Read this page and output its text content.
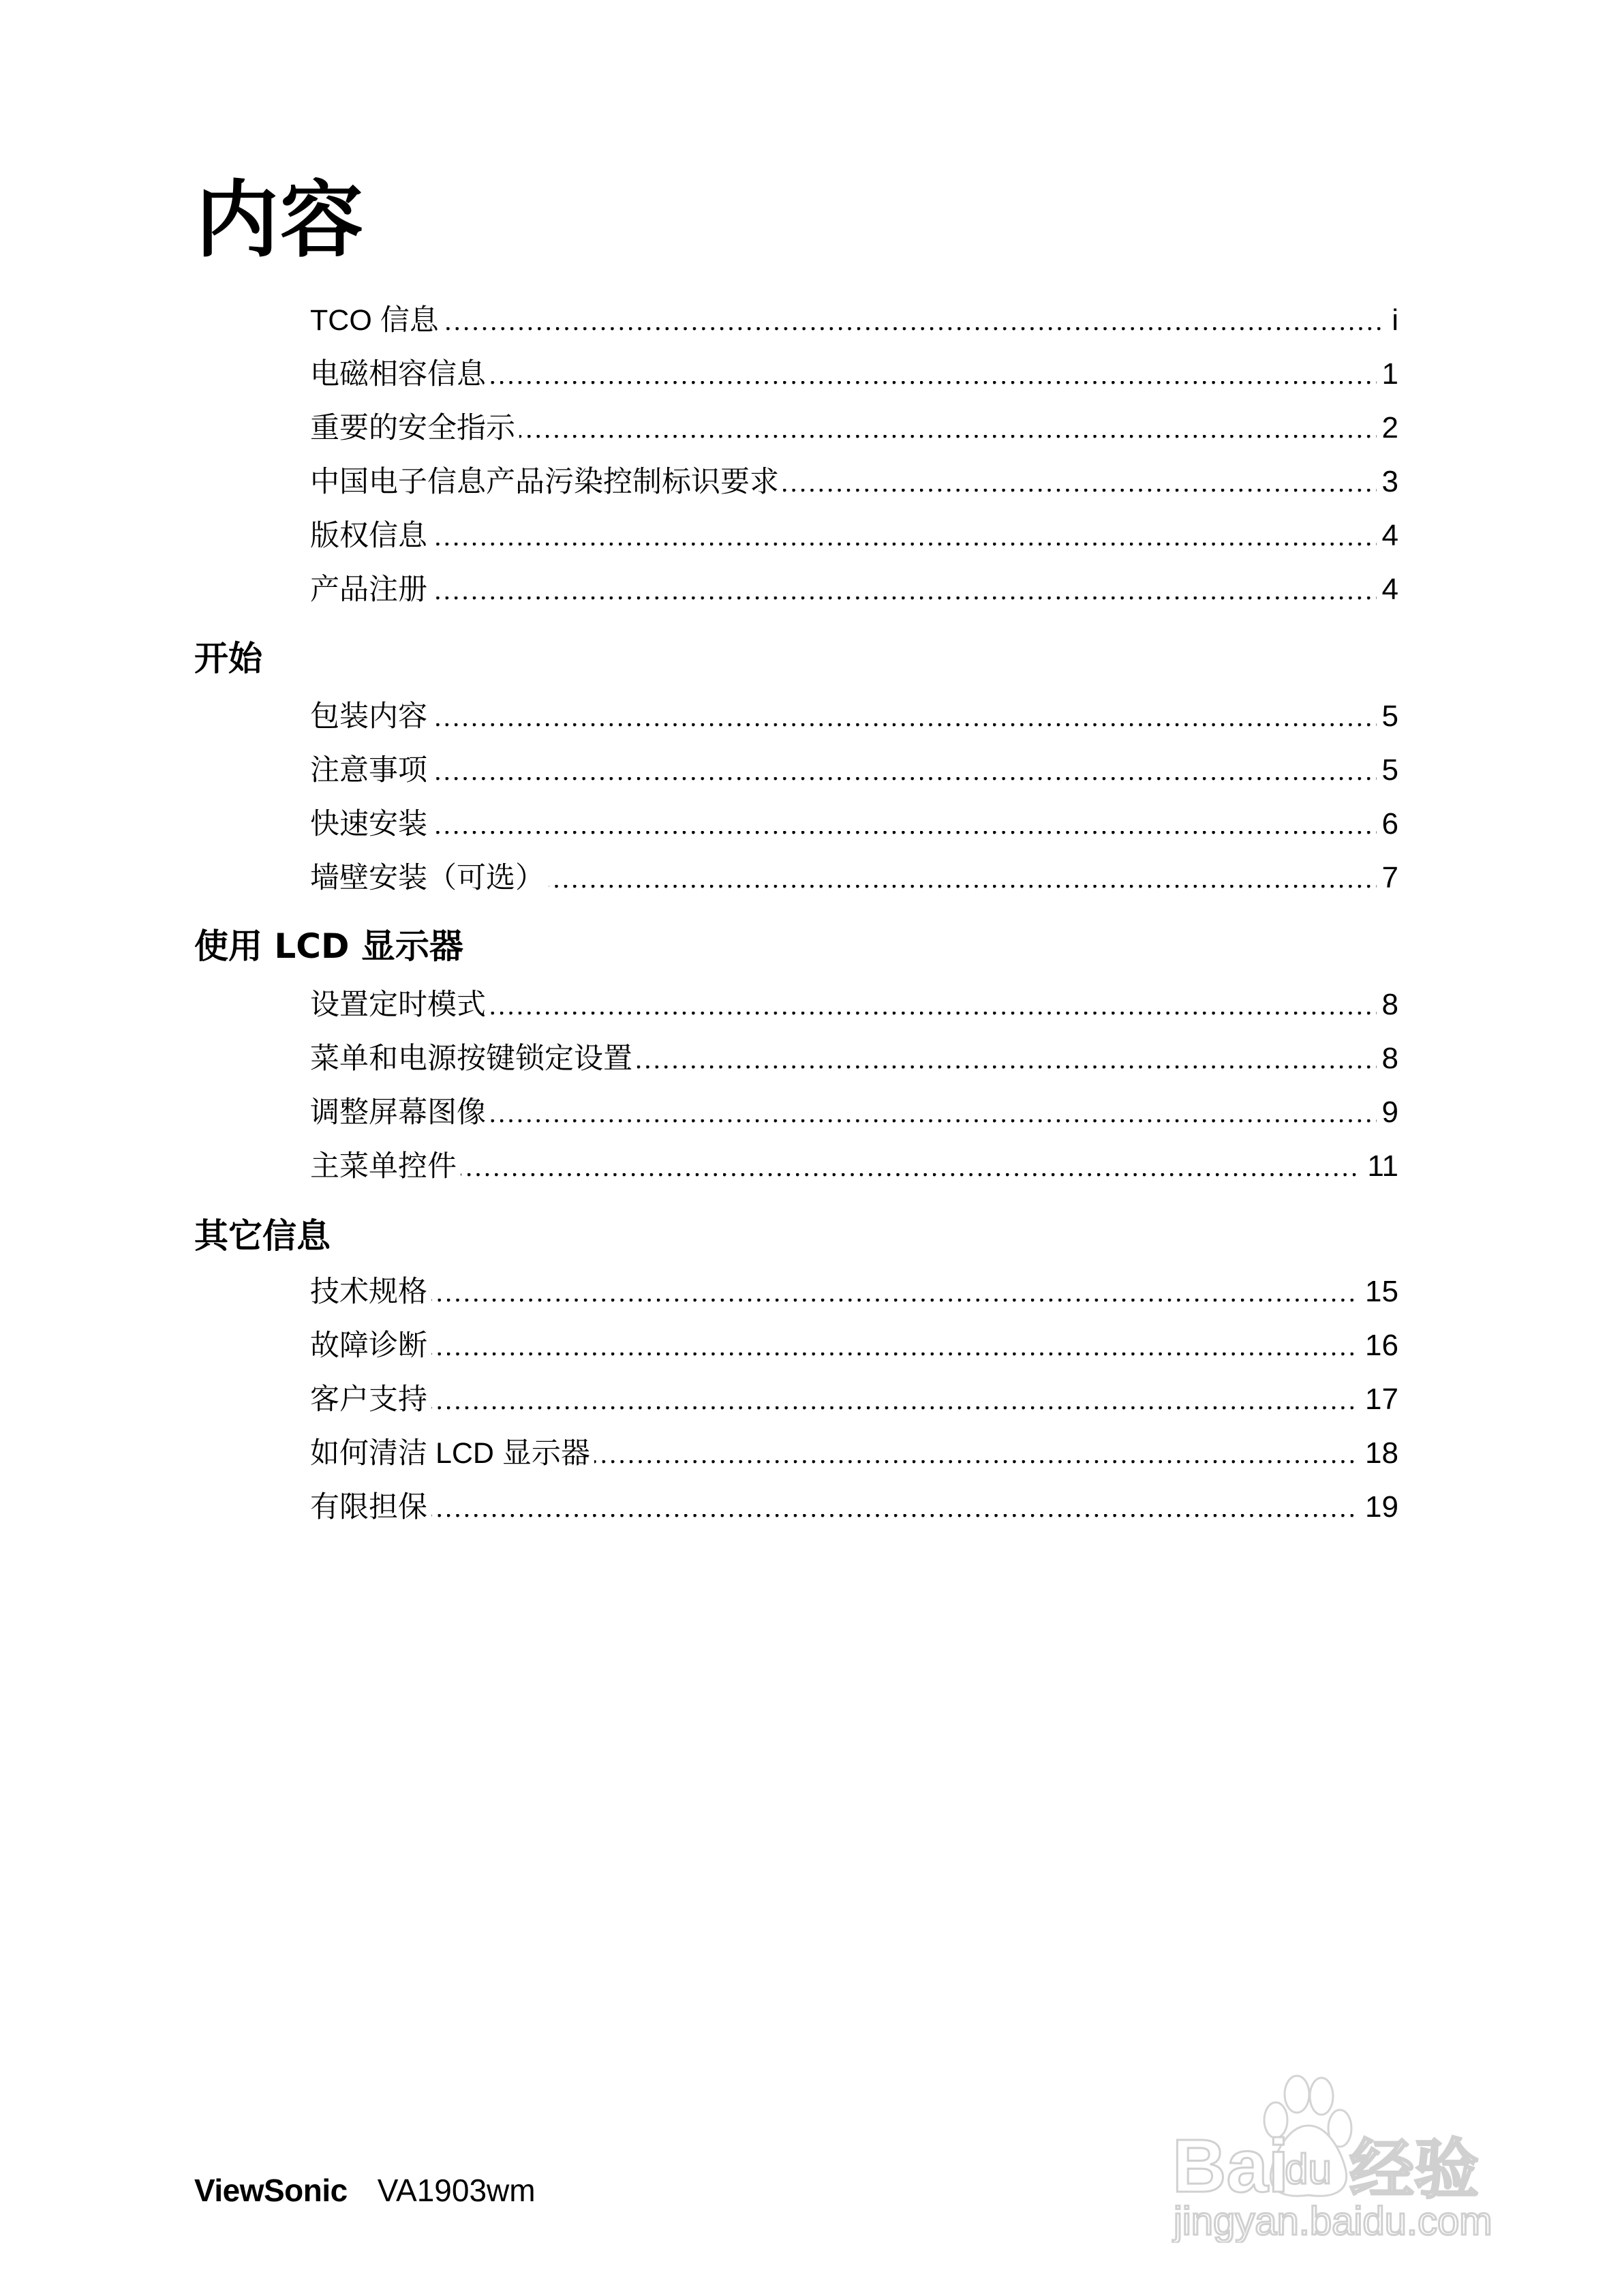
内容
TCO 信息	i
电磁相容信息	1
重要的安全指示	2
中国电子信息产品污染控制标识要求	3
版权信息	4
产品注册	4
开始
包装内容	5
注意事项	5
快速安装	6
墙壁安装（可选）	7
使用 LCD 显示器
设置定时模式	8
菜单和电源按键锁定设置	8
调整屏幕图像	9
主菜单控件	11
其它信息
技术规格	15
故障诊断	16
客户支持	17
如何清洁 LCD 显示器	18
有限担保	19
ViewSonic VA1903wm	Bai
du 经验
jingyan.baidu.com
